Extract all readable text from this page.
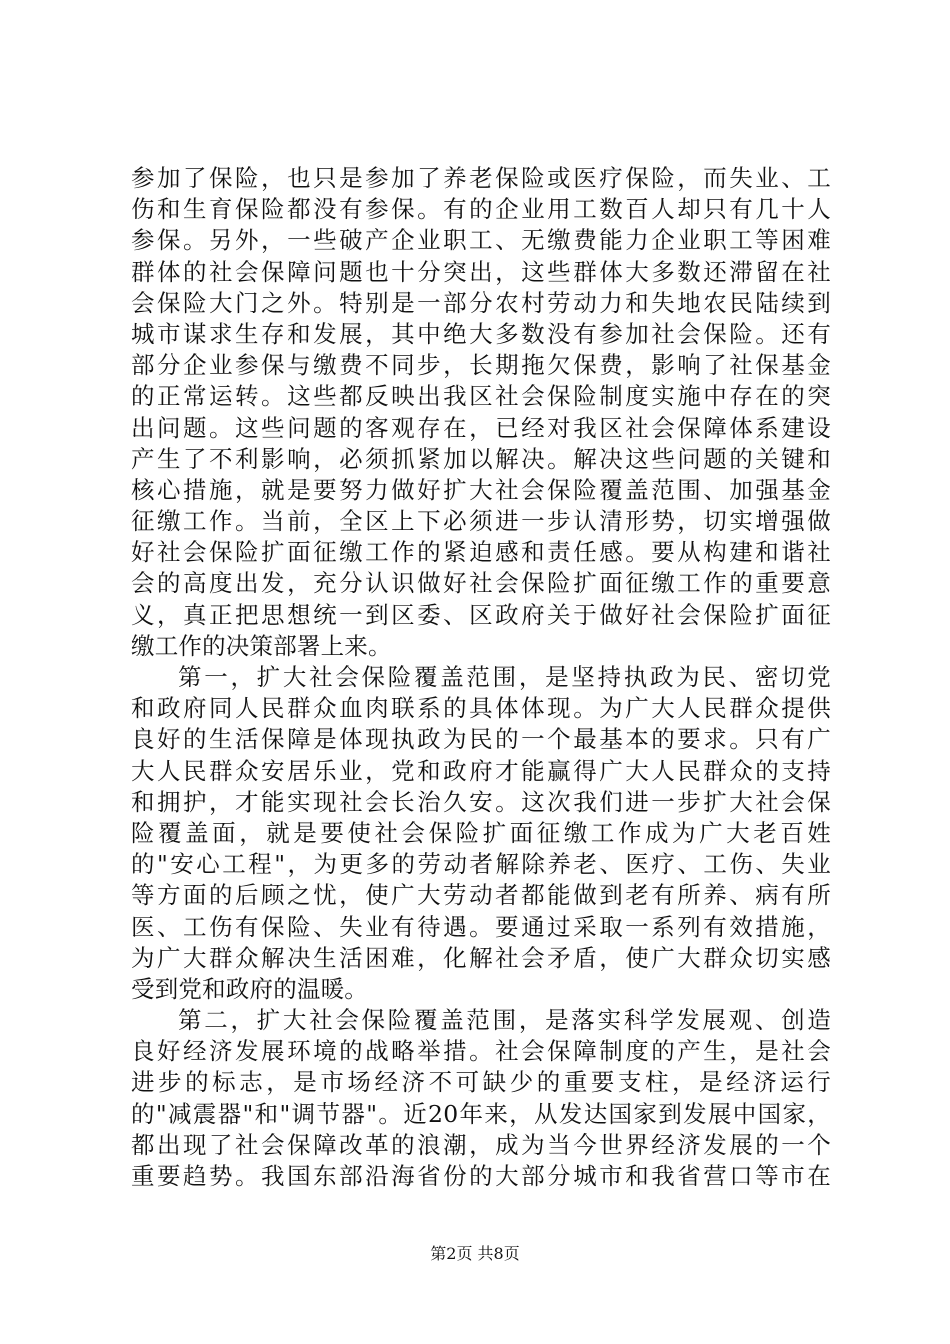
参加了保险，也只是参加了养老保险或医疗保险，而失业、工
伤和生育保险都没有参保。有的企业用工数百人却只有几十人
参保。另外，一些破产企业职工、无缴费能力企业职工等困难
群体的社会保障问题也十分突出，这些群体大多数还滞留在社
会保险大门之外。特别是一部分农村劳动力和失地农民陆续到
城市谋求生存和发展，其中绝大多数没有参加社会保险。还有
部分企业参保与缴费不同步，长期拖欠保费，影响了社保基金
的正常运转。这些都反映出我区社会保险制度实施中存在的突
出问题。这些问题的客观存在，已经对我区社会保障体系建设
产生了不利影响，必须抓紧加以解决。解决这些问题的关键和
核心措施，就是要努力做好扩大社会保险覆盖范围、加强基金
征缴工作。当前，全区上下必须进一步认清形势，切实增强做
好社会保险扩面征缴工作的紧迫感和责任感。要从构建和谐社
会的高度出发，充分认识做好社会保险扩面征缴工作的重要意
义，真正把思想统一到区委、区政府关于做好社会保险扩面征
缴工作的决策部署上来。
第一，扩大社会保险覆盖范围，是坚持执政为民、密切党
和政府同人民群众血肉联系的具体体现。为广大人民群众提供
良好的生活保障是体现执政为民的一个最基本的要求。只有广
大人民群众安居乐业，党和政府才能赢得广大人民群众的支持
和拥护，才能实现社会长治久安。这次我们进一步扩大社会保
险覆盖面，就是要使社会保险扩面征缴工作成为广大老百姓
的"安心工程"，为更多的劳动者解除养老、医疗、工伤、失业
等方面的后顾之忧，使广大劳动者都能做到老有所养、病有所
医、工伤有保险、失业有待遇。要通过采取一系列有效措施，
为广大群众解决生活困难，化解社会矛盾，使广大群众切实感
受到党和政府的温暖。
第二，扩大社会保险覆盖范围，是落实科学发展观、创造
良好经济发展环境的战略举措。社会保障制度的产生，是社会
进步的标志，是市场经济不可缺少的重要支柱，是经济运行
的"减震器"和"调节器"。近20年来，从发达国家到发展中国家，
都出现了社会保障改革的浪潮，成为当今世界经济发展的一个
重要趋势。我国东部沿海省份的大部分城市和我省营口等市在
第2页 共8页
